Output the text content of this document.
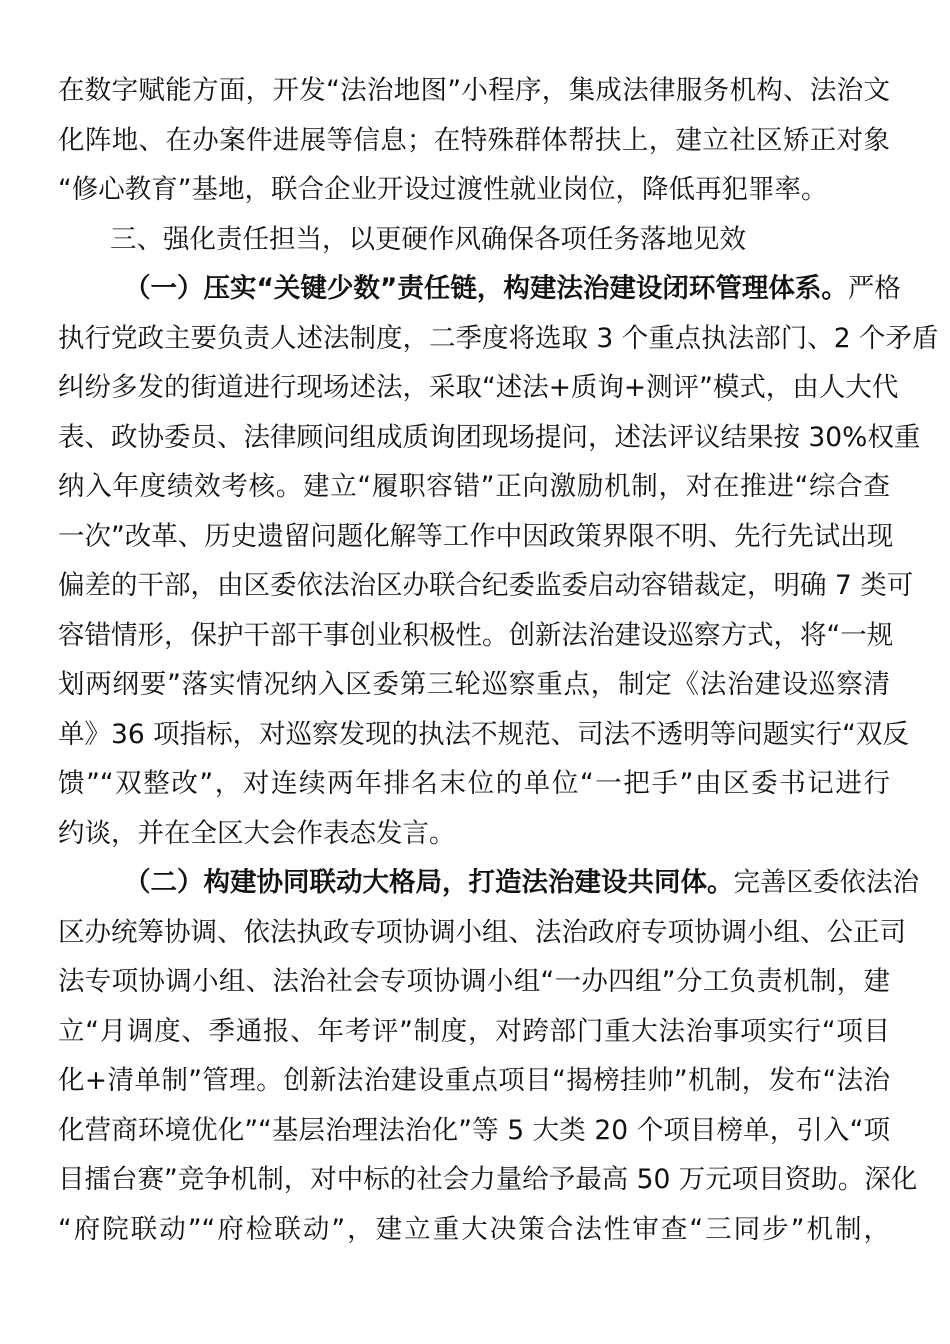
在数字赋能方面，开发“法治地图”小程序，集成法律服务机构、法治文
化阵地、在办案件进展等信息；在特殊群体帮扶上，建立社区矫正对象
“修心教育”基地，联合企业开设过渡性就业岗位，降低再犯罪率。
三、强化责任担当，以更硬作风确保各项任务落地见效
（一）压实“关键少数”责任链，构建法治建设闭环管理体系。严格
执行党政主要负责人述法制度，二季度将选取 3 个重点执法部门、2 个矛盾
纠纷多发的街道进行现场述法，采取“述法+质询+测评”模式，由人大代
表、政协委员、法律顾问组成质询团现场提问，述法评议结果按 30%权重
纳入年度绩效考核。建立“履职容错”正向激励机制，对在推进“综合查
一次”改革、历史遗留问题化解等工作中因政策界限不明、先行先试出现
偏差的干部，由区委依法治区办联合纪委监委启动容错裁定，明确 7 类可
容错情形，保护干部干事创业积极性。创新法治建设巡察方式，将“一规
划两纲要”落实情况纳入区委第三轮巡察重点，制定《法治建设巡察清
单》36 项指标，对巡察发现的执法不规范、司法不透明等问题实行“双反
馈”“双整改”，对连续两年排名末位的单位“一把手”由区委书记进行
约谈，并在全区大会作表态发言。
（二）构建协同联动大格局，打造法治建设共同体。完善区委依法治
区办统筹协调、依法执政专项协调小组、法治政府专项协调小组、公正司
法专项协调小组、法治社会专项协调小组“一办四组”分工负责机制，建
立“月调度、季通报、年考评”制度，对跨部门重大法治事项实行“项目
化+清单制”管理。创新法治建设重点项目“揭榜挂帅”机制，发布“法治
化营商环境优化”“基层治理法治化”等 5 大类 20 个项目榜单，引入“项
目擂台赛”竞争机制，对中标的社会力量给予最高 50 万元项目资助。深化
“府院联动”“府检联动”，建立重大决策合法性审查“三同步”机制，
